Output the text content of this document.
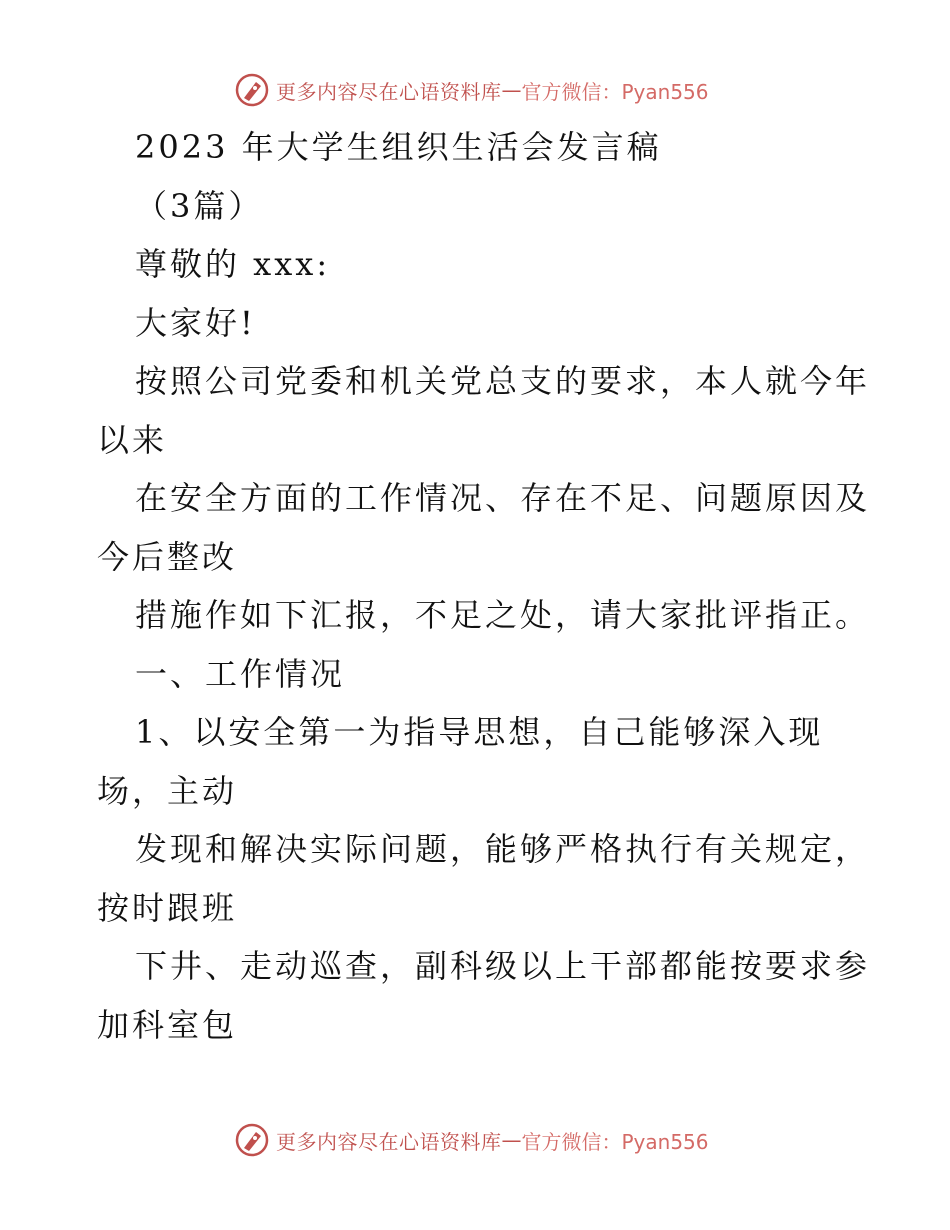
更多内容尽在心语资料库 — 官方微信：Pyan556
2023 年大学生组织生活会发言稿
（3篇）
尊敬的 xxx:
大家好!
按照公司党委和机关党总支的要求，本人就今年
以来
在安全方面的工作情况、存在不足、问题原因及
今后整改
措施作如下汇报，不足之处，请大家批评指正。
一、工作情况
1、以安全第一为指导思想，自己能够深入现
场，主动
发现和解决实际问题，能够严格执行有关规定，
按时跟班
下井、走动巡查，副科级以上干部都能按要求参
加科室包
更多内容尽在心语资料库 — 官方微信：Pyan556
